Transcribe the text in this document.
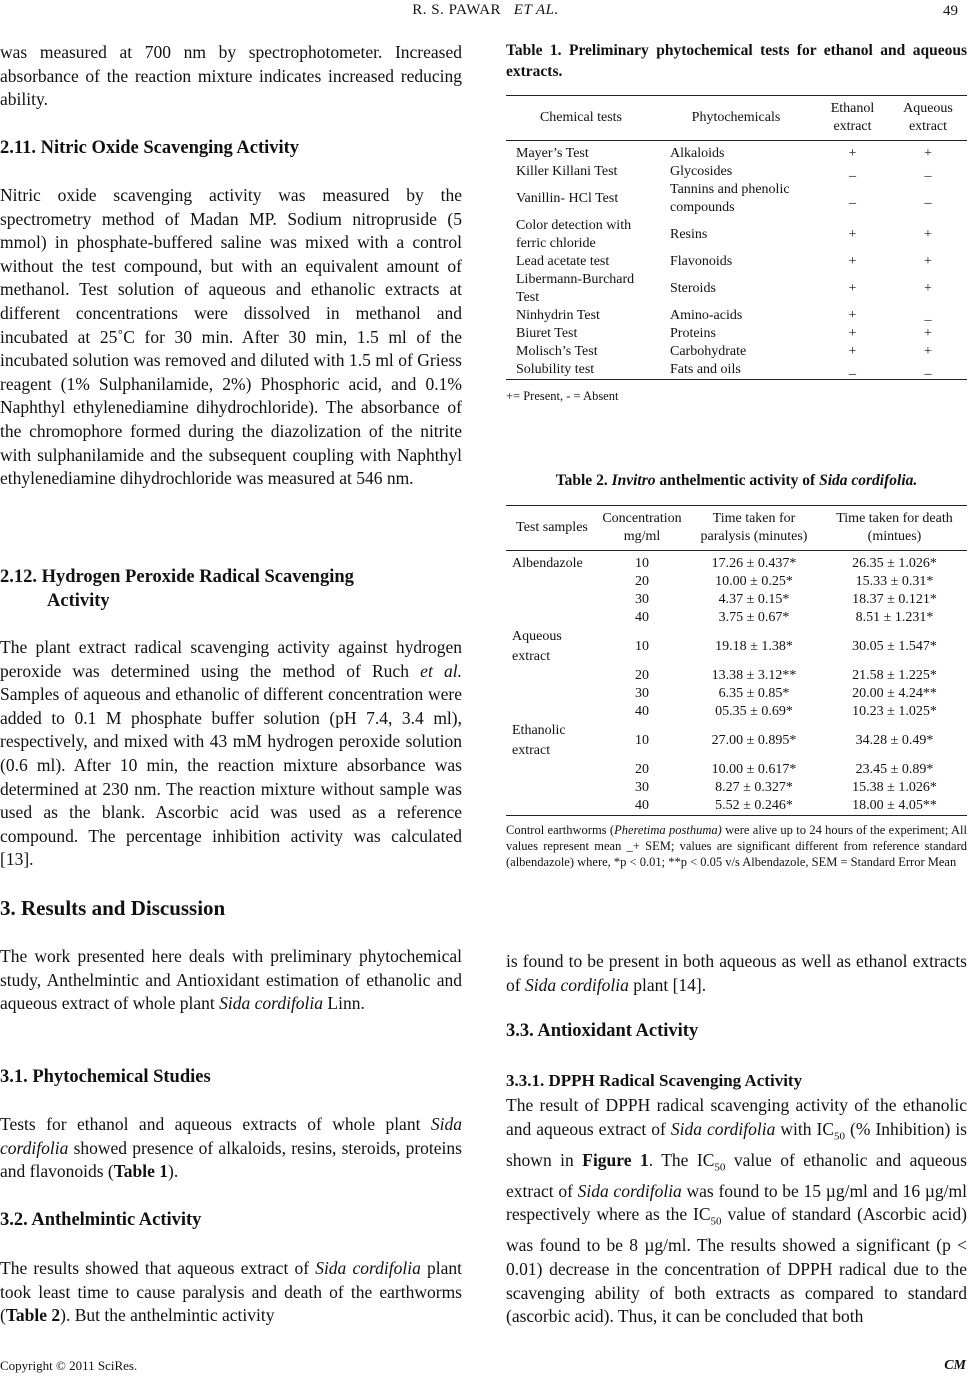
R. S. PAWAR ET AL.	49

was measured at 700 nm by spectrophotometer. Increased absorbance of the reaction mixture indicates increased reducing ability.

2.11. Nitric Oxide Scavenging Activity

Nitric oxide scavenging activity was measured by the spectrometry method of Madan MP. Sodium nitropruside (5 mmol) in phosphate-buffered saline was mixed with a control without the test compound, but with an equivalent amount of methanol. Test solution of aqueous and ethanolic extracts at different concentrations were dissolved in methanol and incubated at 25˚C for 30 min. After 30 min, 1.5 ml of the incubated solution was removed and diluted with 1.5 ml of Griess reagent (1% Sulphanilamide, 2%) Phosphoric acid, and 0.1% Naphthyl ethylenediamine dihydrochloride). The absorbance of the chromophore formed during the diazolization of the nitrite with sulphanilamide and the subsequent coupling with Naphthyl ethylenediamine dihydrochloride was measured at 546 nm.

2.12. Hydrogen Peroxide Radical Scavenging
Activity

The plant extract radical scavenging activity against hydrogen peroxide was determined using the method of Ruch et al. Samples of aqueous and ethanolic of different concentration were added to 0.1 M phosphate buffer solution (pH 7.4, 3.4 ml), respectively, and mixed with 43 mM hydrogen peroxide solution (0.6 ml). After 10 min, the reaction mixture absorbance was determined at 230 nm. The reaction mixture without sample was used as the blank. Ascorbic acid was used as a reference compound. The percentage inhibition activity was calculated [13].

3. Results and Discussion

The work presented here deals with preliminary phytochemical study, Anthelmintic and Antioxidant estimation of ethanolic and aqueous extract of whole plant Sida cordifolia Linn.

3.1. Phytochemical Studies

Tests for ethanol and aqueous extracts of whole plant Sida cordifolia showed presence of alkaloids, resins, steroids, proteins and flavonoids (Table 1).

3.2. Anthelmintic Activity

The results showed that aqueous extract of Sida cordifolia plant took least time to cause paralysis and death of the earthworms (Table 2). But the anthelmintic activity

Table 1. Preliminary phytochemical tests for ethanol and aqueous extracts.
Chemical tests	Phytochemicals	Ethanol extract	Aqueous extract
Mayer’s Test	Alkaloids	+	+
Killer Killani Test	Glycosides	_	_
Vanillin- HCl Test	Tannins and phenolic compounds	_	_
Color detection with ferric chloride	Resins	+	+
Lead acetate test	Flavonoids	+	+
Libermann-Burchard Test	Steroids	+	+
Ninhydrin Test	Amino-acids	+	_
Biuret Test	Proteins	+	+
Molisch’s Test	Carbohydrate	+	+
Solubility test	Fats and oils	_	_
+= Present, - = Absent
Table 2. Invitro anthelmentic activity of Sida cordifolia.
Test samples	Concentration mg/ml	Time taken for paralysis (minutes)	Time taken for death (mintues)
Albendazole	10	17.26 ± 0.437*	26.35 ± 1.026*
	20	10.00 ± 0.25*	15.33 ± 0.31*
	30	4.37 ± 0.15*	18.37 ± 0.121*
	40	3.75 ± 0.67*	8.51 ± 1.231*
Aqueous extract	10	19.18 ± 1.38*	30.05 ± 1.547*
	20	13.38 ± 3.12**	21.58 ± 1.225*
	30	6.35 ± 0.85*	20.00 ± 4.24**
	40	05.35 ± 0.69*	10.23 ± 1.025*
Ethanolic extract	10	27.00 ± 0.895*	34.28 ± 0.49*
	20	10.00 ± 0.617*	23.45 ± 0.89*
	30	8.27 ± 0.327*	15.38 ± 1.026*
	40	5.52 ± 0.246*	18.00 ± 4.05**
Control earthworms (Pheretima posthuma) were alive up to 24 hours of the experiment; All values represent mean _+ SEM; values are significant different from reference standard (albendazole) where, *p < 0.01; **p < 0.05 v/s Albendazole, SEM = Standard Error Mean

is found to be present in both aqueous as well as ethanol extracts of Sida cordifolia plant [14].

3.3. Antioxidant Activity
3.3.1. DPPH Radical Scavenging Activity

The result of DPPH radical scavenging activity of the ethanolic and aqueous extract of Sida cordifolia with $IC_{50}$ (% Inhibition) is shown in Figure 1. The $IC_{50}$ value of ethanolic and aqueous extract of Sida cordifolia was found to be 15 µg/ml and 16 µg/ml respectively where as the $IC_{50}$ value of standard (Ascorbic acid) was found to be 8 µg/ml. The results showed a significant (p < 0.01) decrease in the concentration of DPPH radical due to the scavenging ability of both extracts as compared to standard (ascorbic acid). Thus, it can be concluded that both

Copyright © 2011 SciRes.	CM
